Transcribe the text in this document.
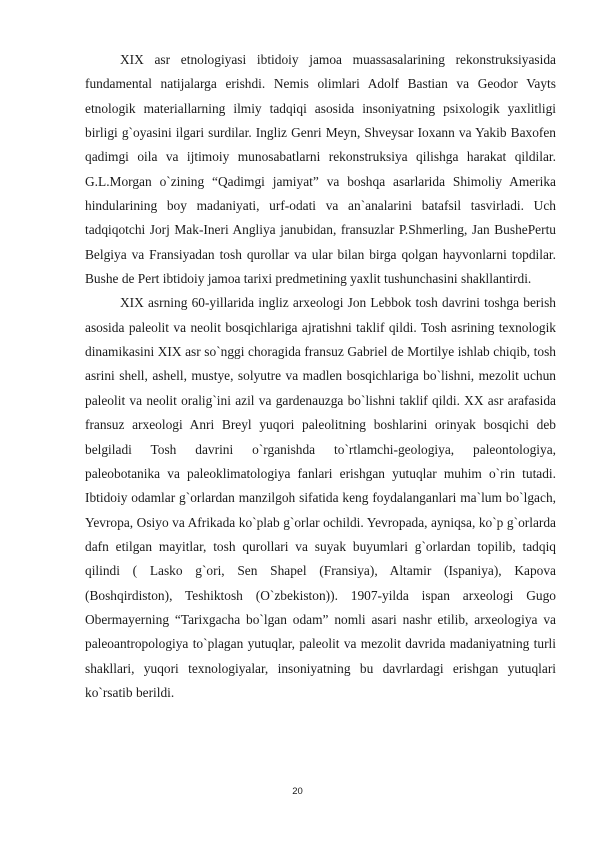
XIX asr etnologiyasi ibtidoiy jamoa muassasalarining rekonstruksiyasida fundamental natijalarga erishdi. Nemis olimlari Adolf Bastian va Geodor Vayts etnologik materiallarning ilmiy tadqiqi asosida insoniyatning psixologik yaxlitligi birligi g`oyasini ilgari surdilar. Ingliz Genri Meyn, Shveysar Ioxann va Yakib Baxofen qadimgi oila va ijtimoiy munosabatlarni rekonstruksiya qilishga harakat qildilar. G.L.Morgan o`zining “Qadimgi jamiyat” va boshqa asarlarida Shimoliy Amerika hindularining boy madaniyati, urf-odati va an`analarini batafsil tasvirladi. Uch tadqiqotchi Jorj Mak-Ineri Angliya janubidan, fransuzlar P.Shmerling, Jan BushePertu Belgiya va Fransiyadan tosh qurollar va ular bilan birga qolgan hayvonlarni topdilar. Bushe de Pert ibtidoiy jamoa tarixi predmetining yaxlit tushunchasini shakllantirdi.

XIX asrning 60-yillarida ingliz arxeologi Jon Lebbok tosh davrini toshga berish asosida paleolit va neolit bosqichlariga ajratishni taklif qildi. Tosh asrining texnologik dinamikasini XIX asr so`nggi choragida fransuz Gabriel de Mortilye ishlab chiqib, tosh asrini shell, ashell, mustye, solyutre va madlen bosqichlariga bo`lishni, mezolit uchun paleolit va neolit oralig`ini azil va gardenauzga bo`lishni taklif qildi. XX asr arafasida fransuz arxeologi Anri Breyl yuqori paleolitning boshlarini orinyak bosqichi deb belgiladi Tosh davrini o`rganishda to`rtlamchi-geologiya, paleontologiya, paleobotanika va paleoklimatologiya fanlari erishgan yutuqlar muhim o`rin tutadi. Ibtidoiy odamlar g`orlardan manzilgoh sifatida keng foydalanganlari ma`lum bo`lgach, Yevropa, Osiyo va Afrikada ko`plab g`orlar ochildi. Yevropada, ayniqsa, ko`p g`orlarda dafn etilgan mayitlar, tosh qurollari va suyak buyumlari g`orlardan topilib, tadqiq qilindi ( Lasko g`ori, Sen Shapel (Fransiya), Altamir (Ispaniya), Kapova (Boshqirdiston), Teshiktosh (O`zbekiston)). 1907-yilda ispan arxeologi Gugo Obermayerning “Tarixgacha bo`lgan odam” nomli asari nashr etilib, arxeologiya va paleoantropologiya to`plagan yutuqlar, paleolit va mezolit davrida madaniyatning turli shakllari, yuqori texnologiyalar, insoniyatning bu davrlardagi erishgan yutuqlari ko`rsatib berildi.

20
